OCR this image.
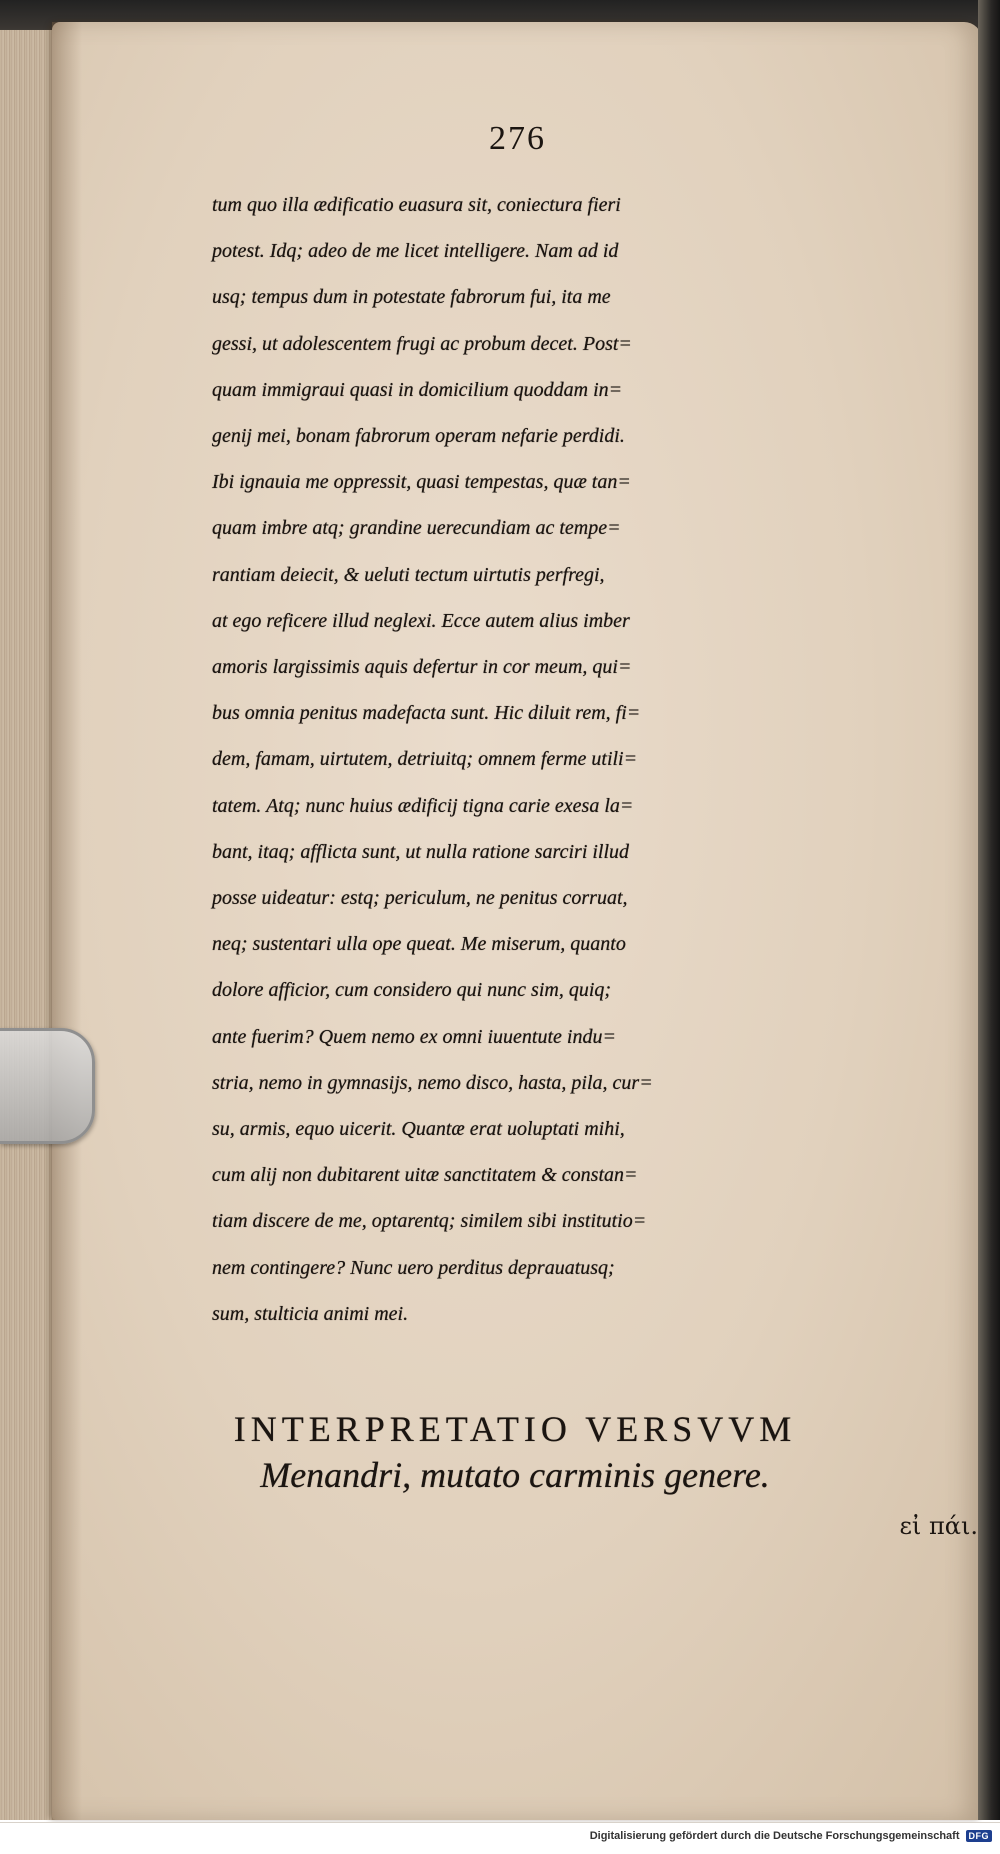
276
tum quo illa ædificatio euasura sit, coniectura fieri
potest. Idq; adeo de me licet intelligere. Nam ad id
usq; tempus dum in potestate fabrorum fui, ita me
gessi, ut adolescentem frugi ac probum decet. Post=
quam immigraui quasi in domicilium quoddam in=
genij mei, bonam fabrorum operam nefarie perdidi.
Ibi ignauia me oppressit, quasi tempestas, quæ tan=
quam imbre atq; grandine uerecundiam ac tempe=
rantiam deiecit, & ueluti tectum uirtutis perfregi,
at ego reficere illud neglexi. Ecce autem alius imber
amoris largissimis aquis defertur in cor meum, qui=
bus omnia penitus madefacta sunt. Hic diluit rem, fi=
dem, famam, uirtutem, detriuitq; omnem ferme utili=
tatem. Atq; nunc huius ædificij tigna carie exesa la=
bant, itaq; afflicta sunt, ut nulla ratione sarciri illud
posse uideatur: estq; periculum, ne penitus corruat,
neq; sustentari ulla ope queat. Me miserum, quanto
dolore afficior, cum considero qui nunc sim, quiq;
ante fuerim? Quem nemo ex omni iuuentute indu=
stria, nemo in gymnasijs, nemo disco, hasta, pila, cur=
su, armis, equo uicerit. Quantæ erat uoluptati mihi,
cum alij non dubitarent uitæ sanctitatem & constan=
tiam discere de me, optarentq; similem sibi institutio=
nem contingere? Nunc uero perditus deprauatusq;
sum, stulticia animi mei.
INTERPRETATIO VERSVVM
Menandri, mutato carminis genere.
εἰ πάι.
Digitalisierung gefördert durch die Deutsche Forschungsgemeinschaft	DFG
